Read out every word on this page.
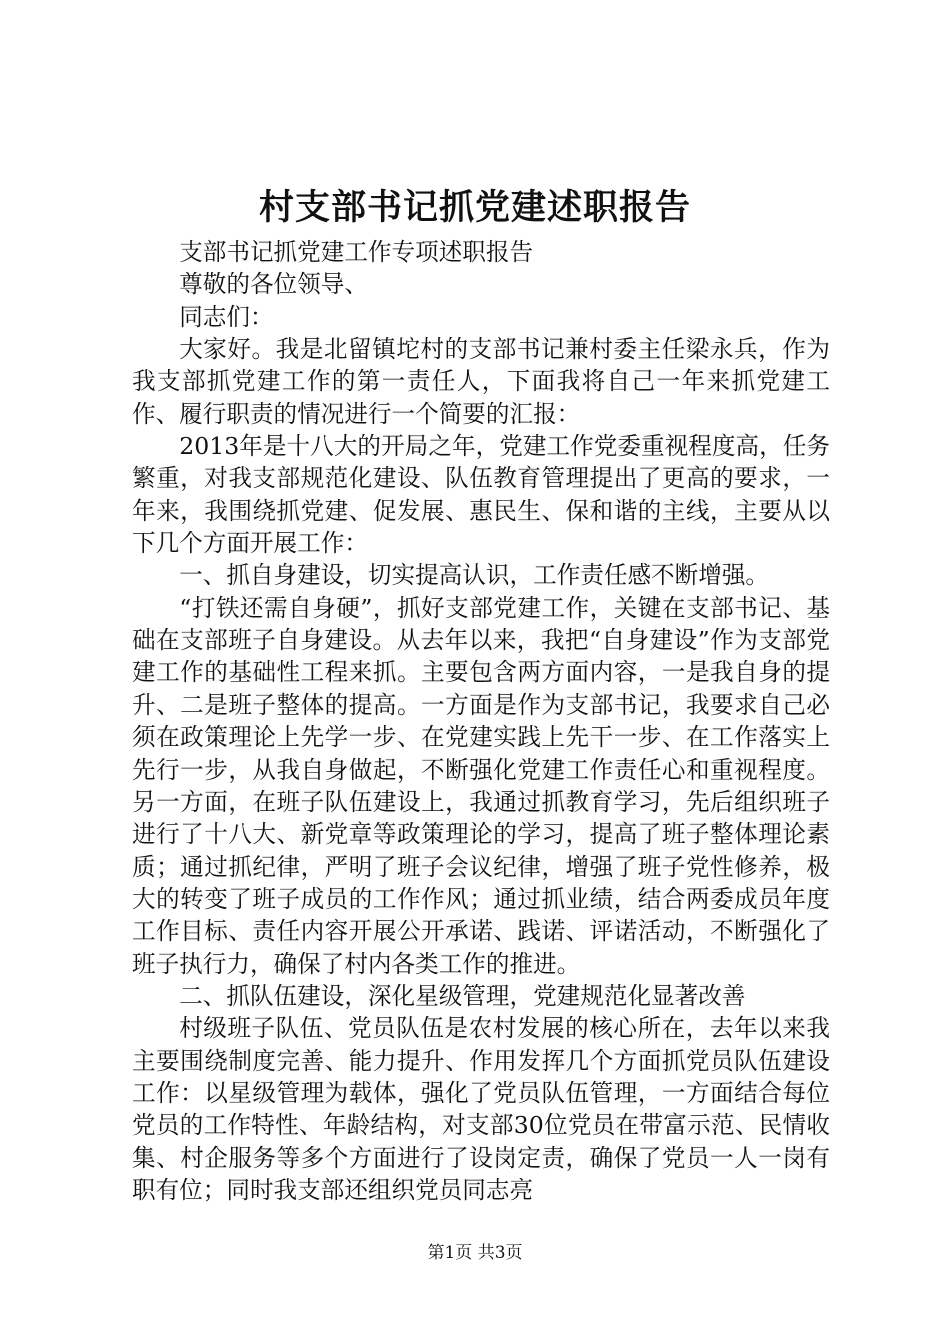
村支部书记抓党建述职报告

支部书记抓党建工作专项述职报告

尊敬的各位领导、

同志们：

大家好。我是北留镇坨村的支部书记兼村委主任梁永兵，作为我支部抓党建工作的第一责任人，下面我将自己一年来抓党建工作、履行职责的情况进行一个简要的汇报：

2013年是十八大的开局之年，党建工作党委重视程度高，任务繁重，对我支部规范化建设、队伍教育管理提出了更高的要求，一年来，我围绕抓党建、促发展、惠民生、保和谐的主线，主要从以下几个方面开展工作：

一、抓自身建设，切实提高认识，工作责任感不断增强。

“打铁还需自身硬”，抓好支部党建工作，关键在支部书记、基础在支部班子自身建设。从去年以来，我把“自身建设”作为支部党建工作的基础性工程来抓。主要包含两方面内容，一是我自身的提升、二是班子整体的提高。一方面是作为支部书记，我要求自己必须在政策理论上先学一步、在党建实践上先干一步、在工作落实上先行一步，从我自身做起，不断强化党建工作责任心和重视程度。另一方面，在班子队伍建设上，我通过抓教育学习，先后组织班子进行了十八大、新党章等政策理论的学习，提高了班子整体理论素质；通过抓纪律，严明了班子会议纪律，增强了班子党性修养，极大的转变了班子成员的工作作风；通过抓业绩，结合两委成员年度工作目标、责任内容开展公开承诺、践诺、评诺活动，不断强化了班子执行力，确保了村内各类工作的推进。

二、抓队伍建设，深化星级管理，党建规范化显著改善

村级班子队伍、党员队伍是农村发展的核心所在，去年以来我主要围绕制度完善、能力提升、作用发挥几个方面抓党员队伍建设工作：以星级管理为载体，强化了党员队伍管理，一方面结合每位党员的工作特性、年龄结构，对支部30位党员在带富示范、民情收集、村企服务等多个方面进行了设岗定责，确保了党员一人一岗有职有位；同时我支部还组织党员同志亮

第1页 共3页
